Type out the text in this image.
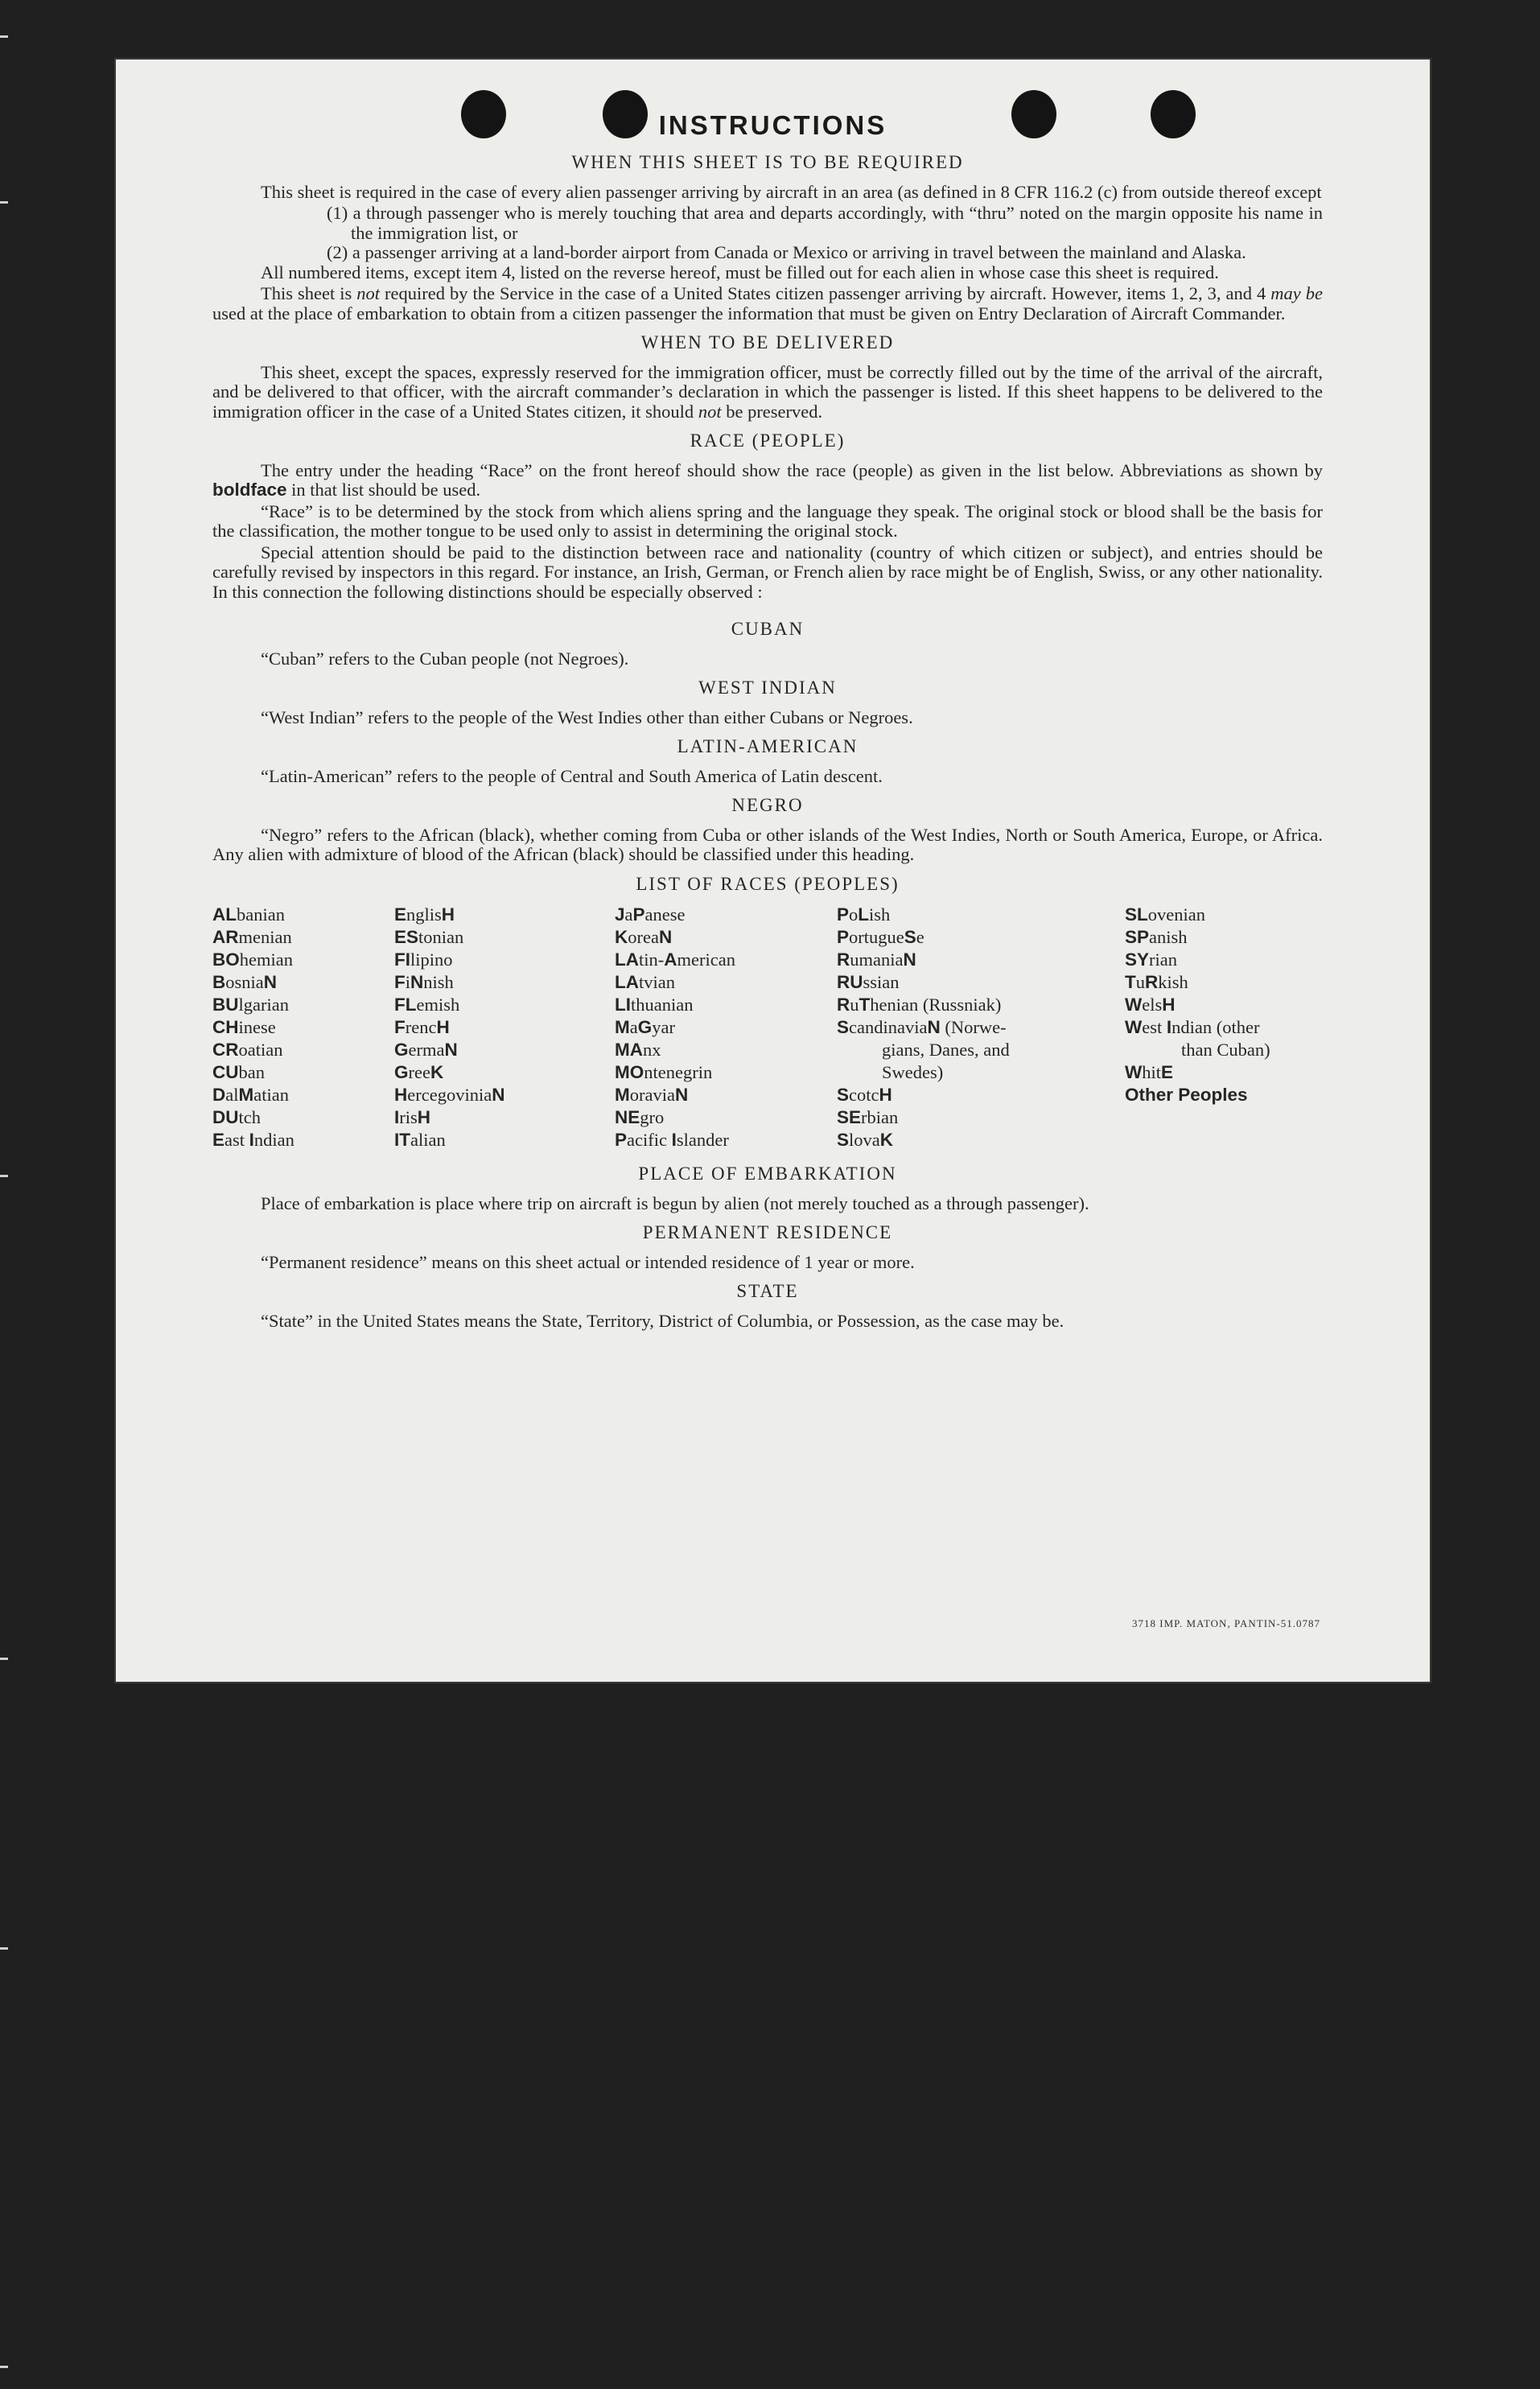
INSTRUCTIONS
WHEN THIS SHEET IS TO BE REQUIRED

This sheet is required in the case of every alien passenger arriving by aircraft in an area (as defined in 8 CFR 116.2 (c) from outside thereof except

(1) a through passenger who is merely touching that area and departs accordingly, with “thru” noted on the margin opposite his name in the immigration list, or

(2) a passenger arriving at a land-border airport from Canada or Mexico or arriving in travel between the mainland and Alaska.

All numbered items, except item 4, listed on the reverse hereof, must be filled out for each alien in whose case this sheet is required.

This sheet is not required by the Service in the case of a United States citizen passenger arriving by aircraft. However, items 1, 2, 3, and 4 may be used at the place of embarkation to obtain from a citizen passenger the information that must be given on Entry Declaration of Aircraft Commander.

WHEN TO BE DELIVERED

This sheet, except the spaces, expressly reserved for the immigration officer, must be correctly filled out by the time of the arrival of the aircraft, and be delivered to that officer, with the aircraft commander’s declaration in which the passenger is listed. If this sheet happens to be delivered to the immigration officer in the case of a United States citizen, it should not be preserved.

RACE (PEOPLE)

The entry under the heading “Race” on the front hereof should show the race (people) as given in the list below. Abbreviations as shown by boldface in that list should be used.

“Race” is to be determined by the stock from which aliens spring and the language they speak. The original stock or blood shall be the basis for the classification, the mother tongue to be used only to assist in determining the original stock.

Special attention should be paid to the distinction between race and nationality (country of which citizen or subject), and entries should be carefully revised by inspectors in this regard. For instance, an Irish, German, or French alien by race might be of English, Swiss, or any other nationality. In this connection the following distinctions should be especially observed :

CUBAN

“Cuban” refers to the Cuban people (not Negroes).

WEST INDIAN

“West Indian” refers to the people of the West Indies other than either Cubans or Negroes.

LATIN-AMERICAN

“Latin-American” refers to the people of Central and South America of Latin descent.

NEGRO

“Negro” refers to the African (black), whether coming from Cuba or other islands of the West Indies, North or South America, Europe, or Africa. Any alien with admixture of blood of the African (black) should be classified under this heading.

LIST OF RACES (PEOPLES)
ALbanian
ARmenian
BOhemian
BosniaN
BUlgarian
CHinese
CRoatian
CUban
DalMatian
DUtch
East Indian
EnglisH
EStonian
FIlipino
FiNnish
FLemish
FrencH
GermaN
GreeK
HercegoviniaN
IrisH
ITalian
JaPanese
KoreaN
LAtin-American
LAtvian
LIthuanian
MaGyar
MAnx
MOntenegrin
MoraviaN
NEgro
Pacific Islander
PoLish
PortugueSe
RumaniaN
RUssian
RuThenian (Russniak)
ScandinaviaN (Norwe-
gians, Danes, and
Swedes)
ScotcH
SErbian
SlovaK
SLovenian
SPanish
SYrian
TuRkish
WelsH
West Indian (other
than Cuban)
WhitE
Other Peoples
PLACE OF EMBARKATION

Place of embarkation is place where trip on aircraft is begun by alien (not merely touched as a through passenger).

PERMANENT RESIDENCE

“Permanent residence” means on this sheet actual or intended residence of 1 year or more.

STATE

“State” in the United States means the State, Territory, District of Columbia, or Possession, as the case may be.

3718 IMP. MATON, PANTIN-51.0787
